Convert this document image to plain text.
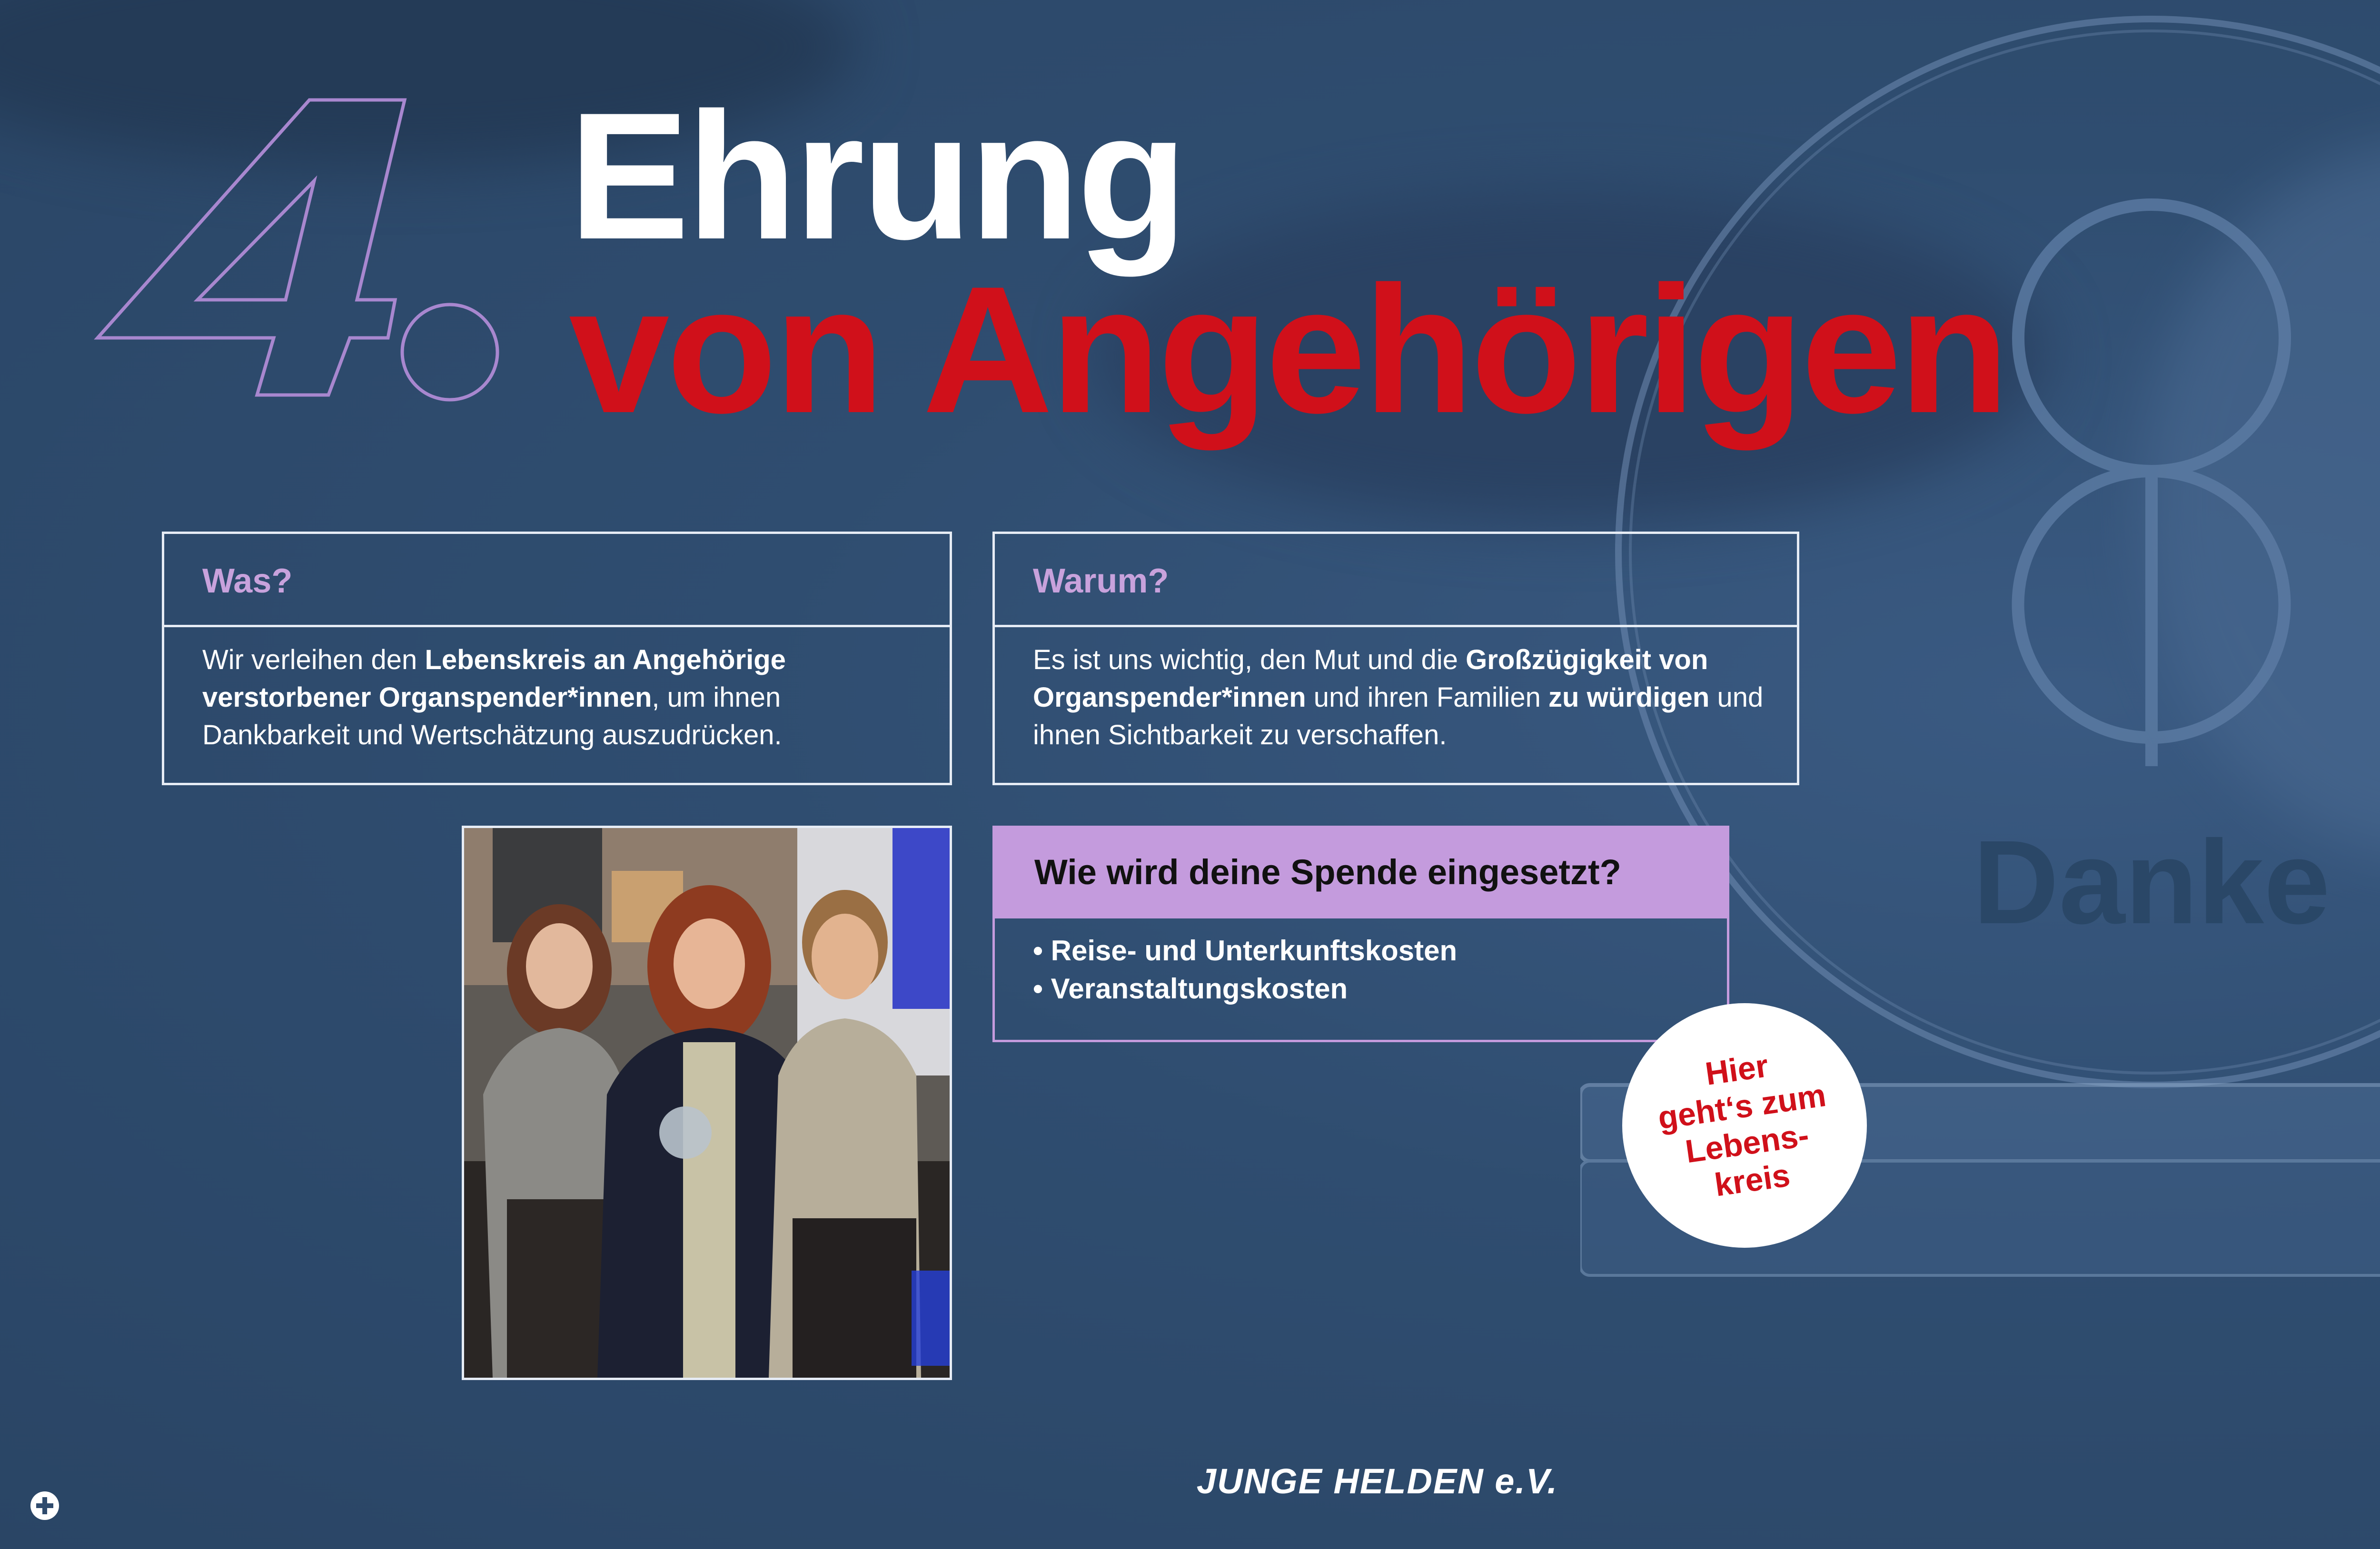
Danke
Ehrung
von Angehörigen
Was?
Wir verleihen den Lebenskreis an Angehörige verstorbener Organspender*innen, um ihnen Dankbarkeit und Wertschätzung auszudrücken.
Warum?
Es ist uns wichtig, den Mut und die Großzügigkeit von Organspender*innen und ihren Familien zu würdigen und ihnen Sichtbarkeit zu verschaffen.
Wie wird deine Spende eingesetzt?
• Reise- und Unterkunftskosten
• Veranstaltungskosten
Hier
geht‘s zum
Lebens-
kreis
JUNGE HELDEN e.V.
